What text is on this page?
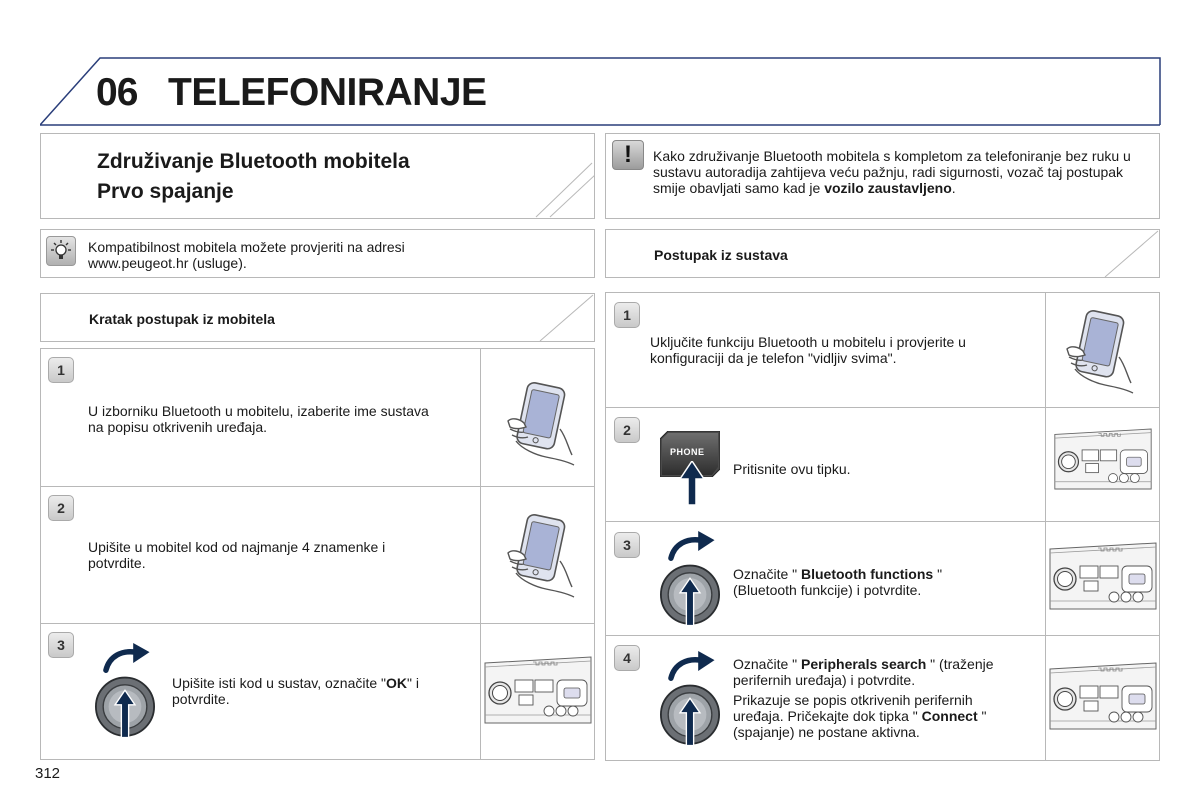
06 TELEFONIRANJE
Združivanje Bluetooth mobitela
Prvo spajanje
!	Kako združivanje Bluetooth mobitela s kompletom za telefoniranje bez ruku u sustavu autoradija zahtijeva veću pažnju, radi sigurnosti, vozač taj postupak smije obavljati samo kad je vozilo zaustavljeno.
Kompatibilnost mobitela možete provjeriti na adresi www.peugeot.hr (usluge).	Postupak iz sustava
Kratak postupak iz mobitela
1
U izborniku Bluetooth u mobitelu, izaberite ime sustava na popisu otkrivenih uređaja.
2
Upišite u mobitel kod od najmanje 4 znamenke i potvrdite.
3
Upišite isti kod u sustav, označite "OK" i potvrdite.
1
Uključite funkciju Bluetooth u mobitelu i provjerite u konfiguraciji da je telefon "vidljiv svima".
2
PHONE
Pritisnite ovu tipku.
3
Označite " Bluetooth functions " (Bluetooth funkcije) i potvrdite.
4	Označite " Peripherals search " (traženje perifernih uređaja) i potvrdite.
Prikazuje se popis otkrivenih perifernih uređaja. Pričekajte dok tipka " Connect " (spajanje) ne postane aktivna.
312
